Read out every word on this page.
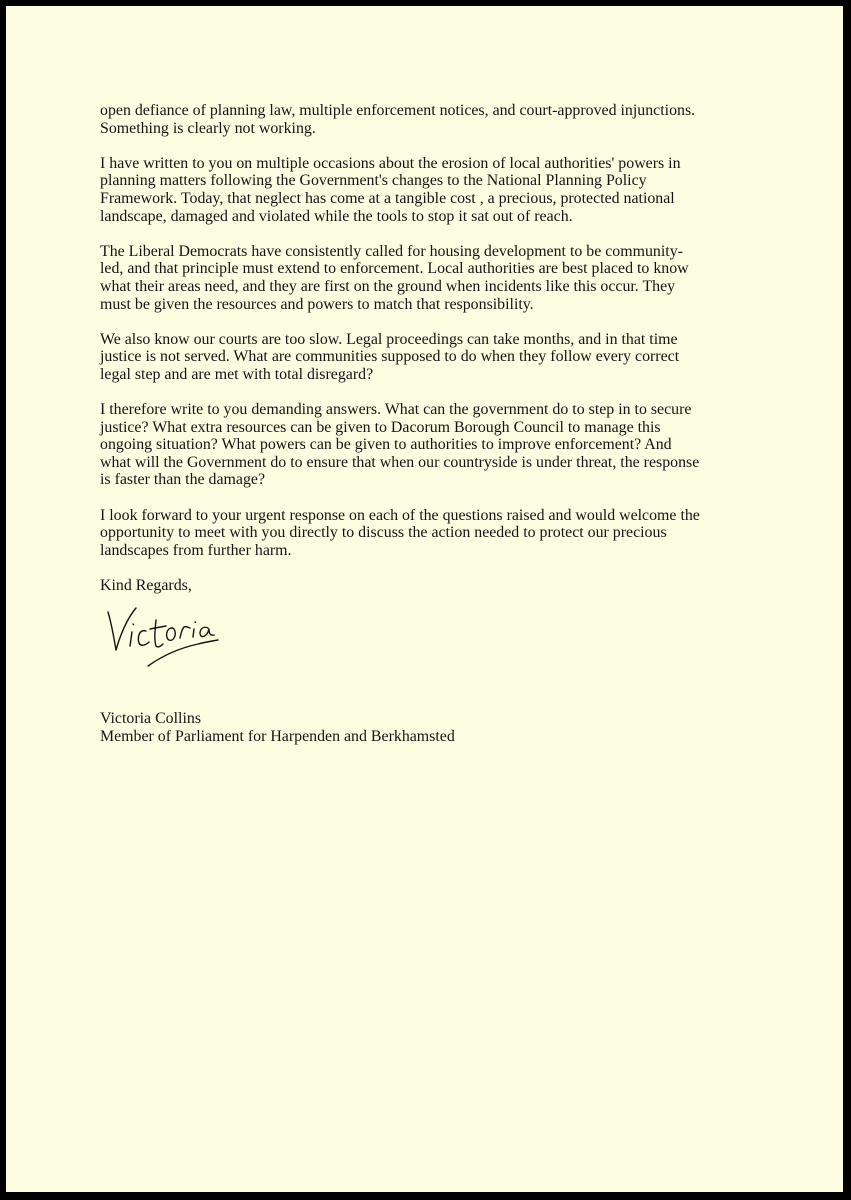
open defiance of planning law, multiple enforcement notices, and court-approved injunctions.
Something is clearly not working.

I have written to you on multiple occasions about the erosion of local authorities' powers in
planning matters following the Government's changes to the National Planning Policy
Framework. Today, that neglect has come at a tangible cost , a precious, protected national
landscape, damaged and violated while the tools to stop it sat out of reach.

The Liberal Democrats have consistently called for housing development to be community-
led, and that principle must extend to enforcement. Local authorities are best placed to know
what their areas need, and they are first on the ground when incidents like this occur. They
must be given the resources and powers to match that responsibility.

We also know our courts are too slow. Legal proceedings can take months, and in that time
justice is not served. What are communities supposed to do when they follow every correct
legal step and are met with total disregard?

I therefore write to you demanding answers. What can the government do to step in to secure
justice? What extra resources can be given to Dacorum Borough Council to manage this
ongoing situation? What powers can be given to authorities to improve enforcement? And
what will the Government do to ensure that when our countryside is under threat, the response
is faster than the damage?

I look forward to your urgent response on each of the questions raised and would welcome the
opportunity to meet with you directly to discuss the action needed to protect our precious
landscapes from further harm.

Kind Regards,

Victoria Collins
Member of Parliament for Harpenden and Berkhamsted
